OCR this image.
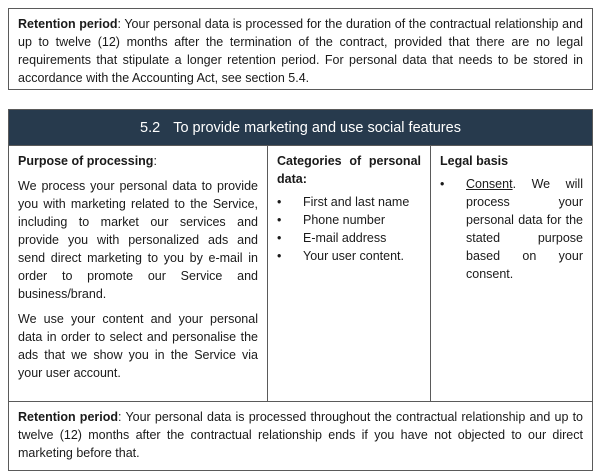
Retention period: Your personal data is processed for the duration of the contractual relationship and up to twelve (12) months after the termination of the contract, provided that there are no legal requirements that stipulate a longer retention period. For personal data that needs to be stored in accordance with the Accounting Act, see section 5.4.
5.2 To provide marketing and use social features
Purpose of processing:

We process your personal data to provide you with marketing related to the Service, including to market our services and provide you with personalized ads and send direct marketing to you by e-mail in order to promote our Service and business/brand.

We use your content and your personal data in order to select and personalise the ads that we show you in the Service via your user account.

Categories of personal data:
•	First and last name
•	Phone number
•	E-mail address
•	Your user content.
Legal basis
•	Consent. We will process your personal data for the stated purpose based on your consent.
Retention period: Your personal data is processed throughout the contractual relationship and up to twelve (12) months after the contractual relationship ends if you have not objected to our direct marketing before that.
